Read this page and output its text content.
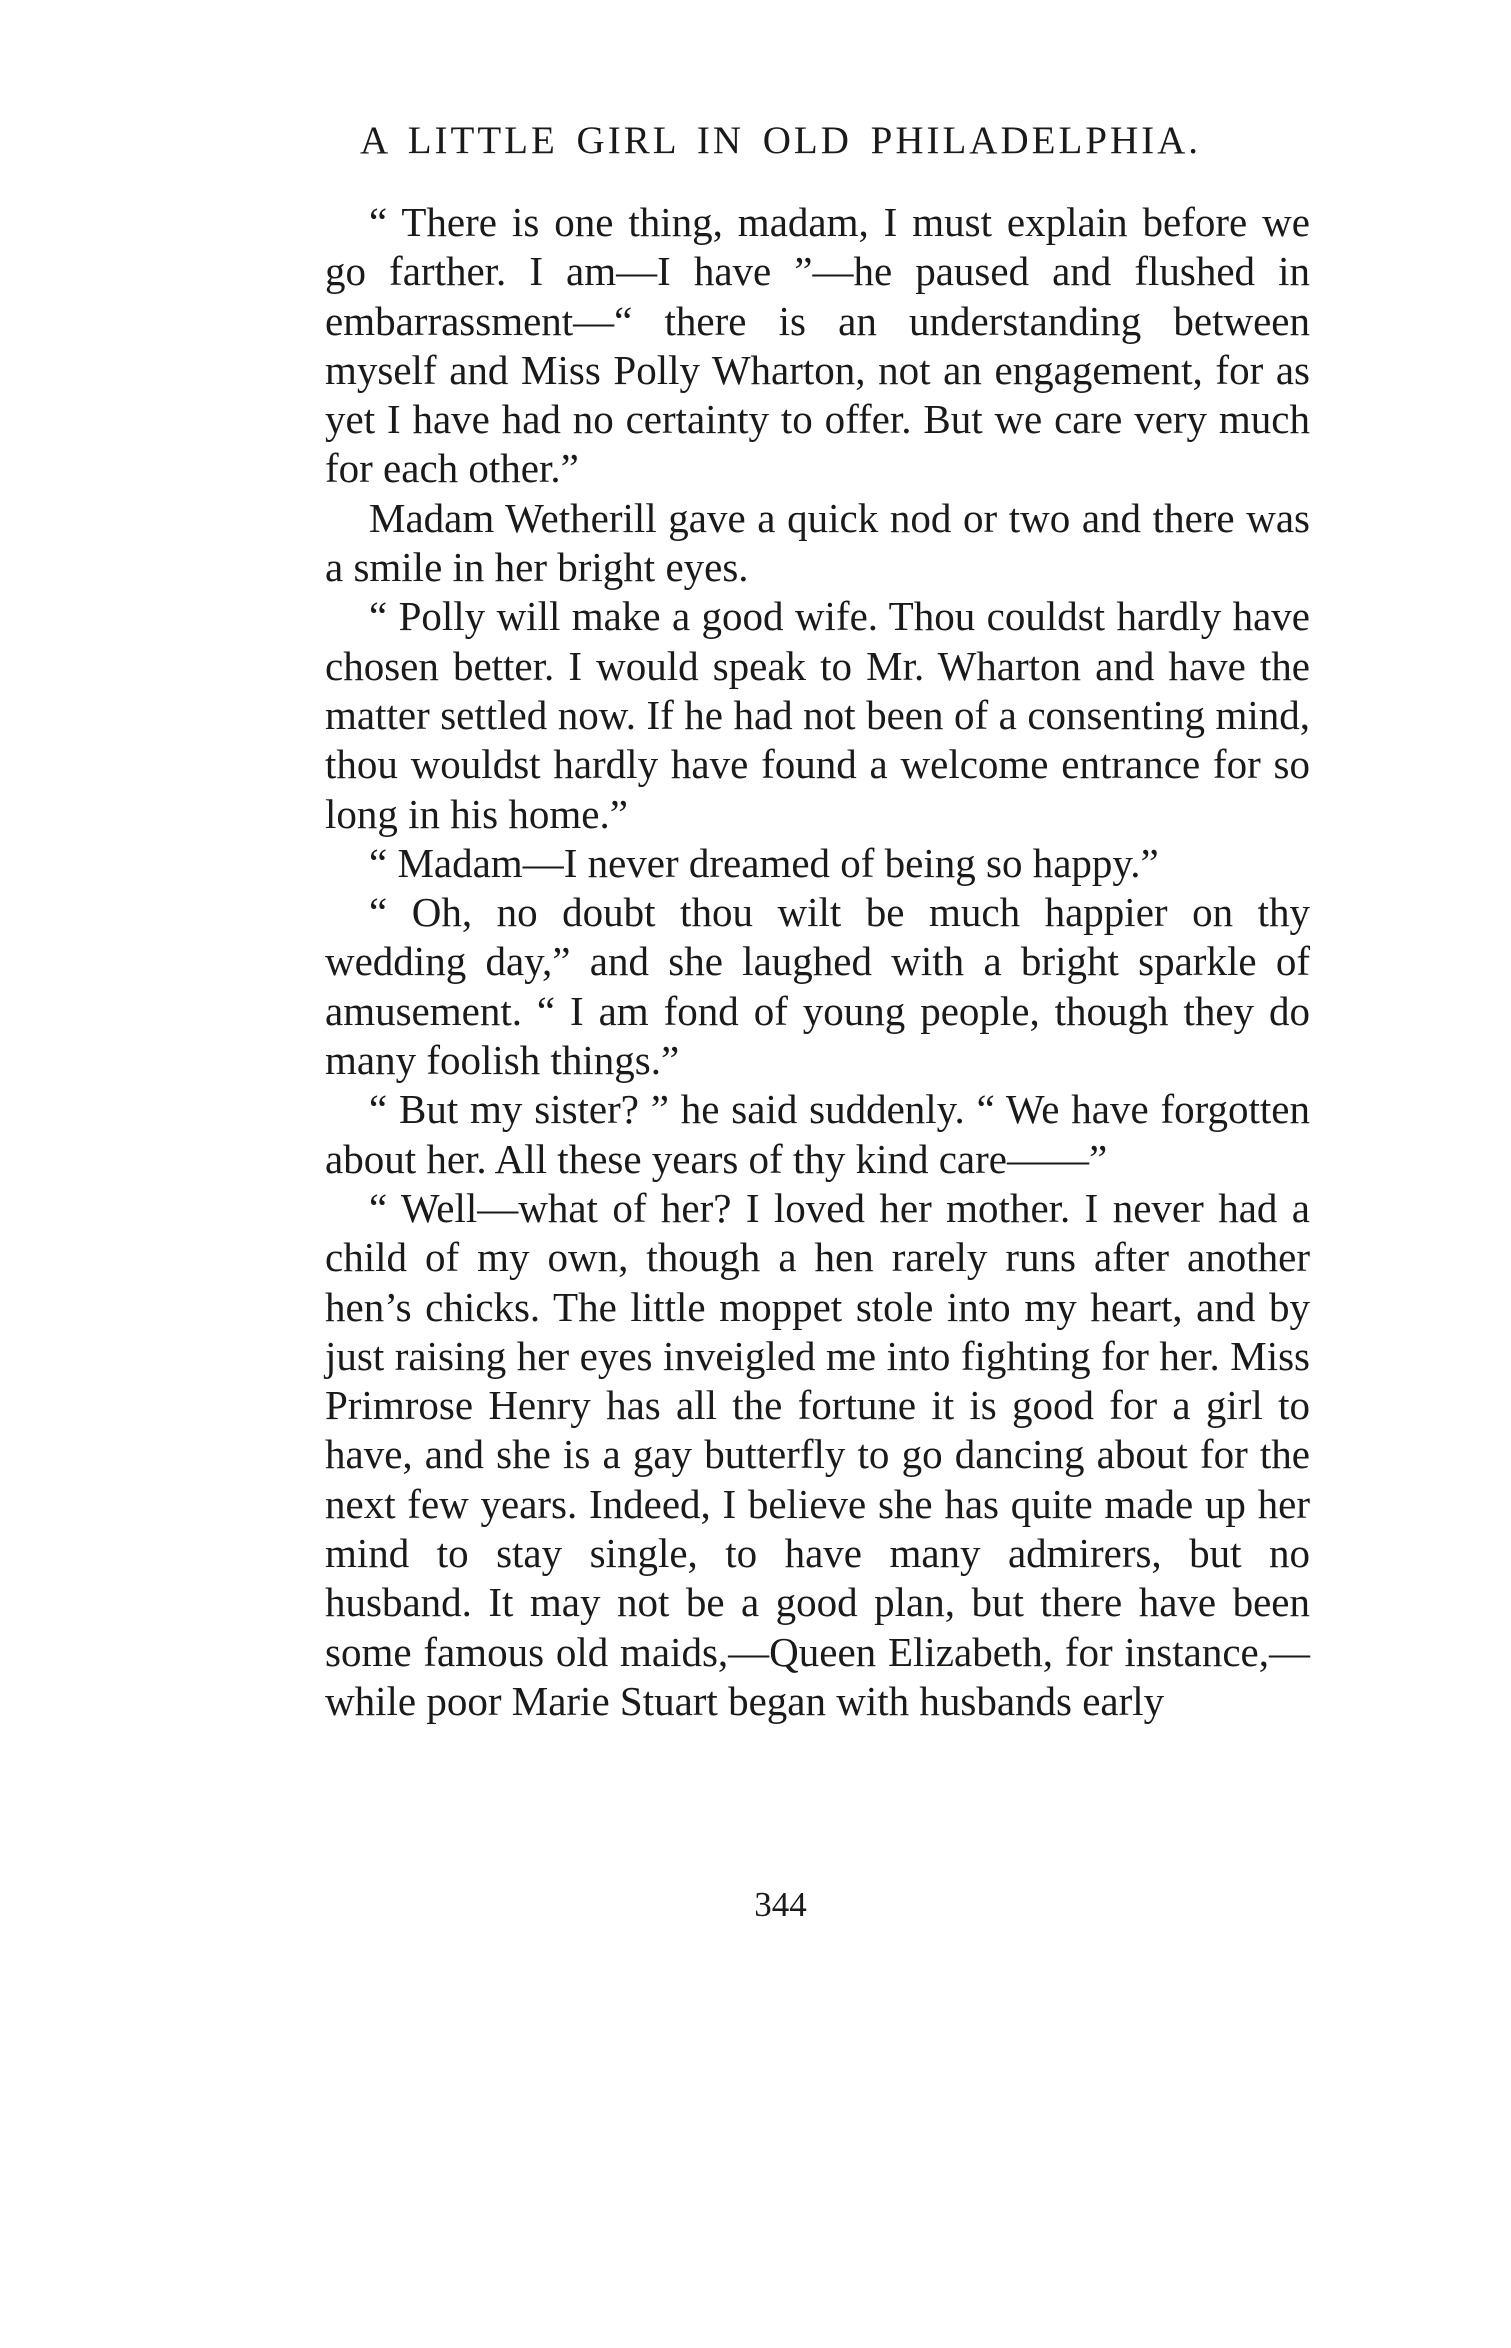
A LITTLE GIRL IN OLD PHILADELPHIA.

“ There is one thing, madam, I must explain before we go farther. I am—I have ”—he paused and flushed in embarrassment—“ there is an understanding between myself and Miss Polly Wharton, not an engagement, for as yet I have had no certainty to offer. But we care very much for each other.”

Madam Wetherill gave a quick nod or two and there was a smile in her bright eyes.

“ Polly will make a good wife. Thou couldst hardly have chosen better. I would speak to Mr. Wharton and have the matter settled now. If he had not been of a consenting mind, thou wouldst hardly have found a welcome entrance for so long in his home.”

“ Madam—I never dreamed of being so happy.”

“ Oh, no doubt thou wilt be much happier on thy wedding day,” and she laughed with a bright sparkle of amusement. “ I am fond of young people, though they do many foolish things.”

“ But my sister? ” he said suddenly. “ We have forgotten about her. All these years of thy kind care——”

“ Well—what of her? I loved her mother. I never had a child of my own, though a hen rarely runs after another hen’s chicks. The little moppet stole into my heart, and by just raising her eyes inveigled me into fighting for her. Miss Primrose Henry has all the fortune it is good for a girl to have, and she is a gay butterfly to go dancing about for the next few years. Indeed, I believe she has quite made up her mind to stay single, to have many admirers, but no husband. It may not be a good plan, but there have been some famous old maids,—Queen Elizabeth, for instance,— while poor Marie Stuart began with husbands early

344
